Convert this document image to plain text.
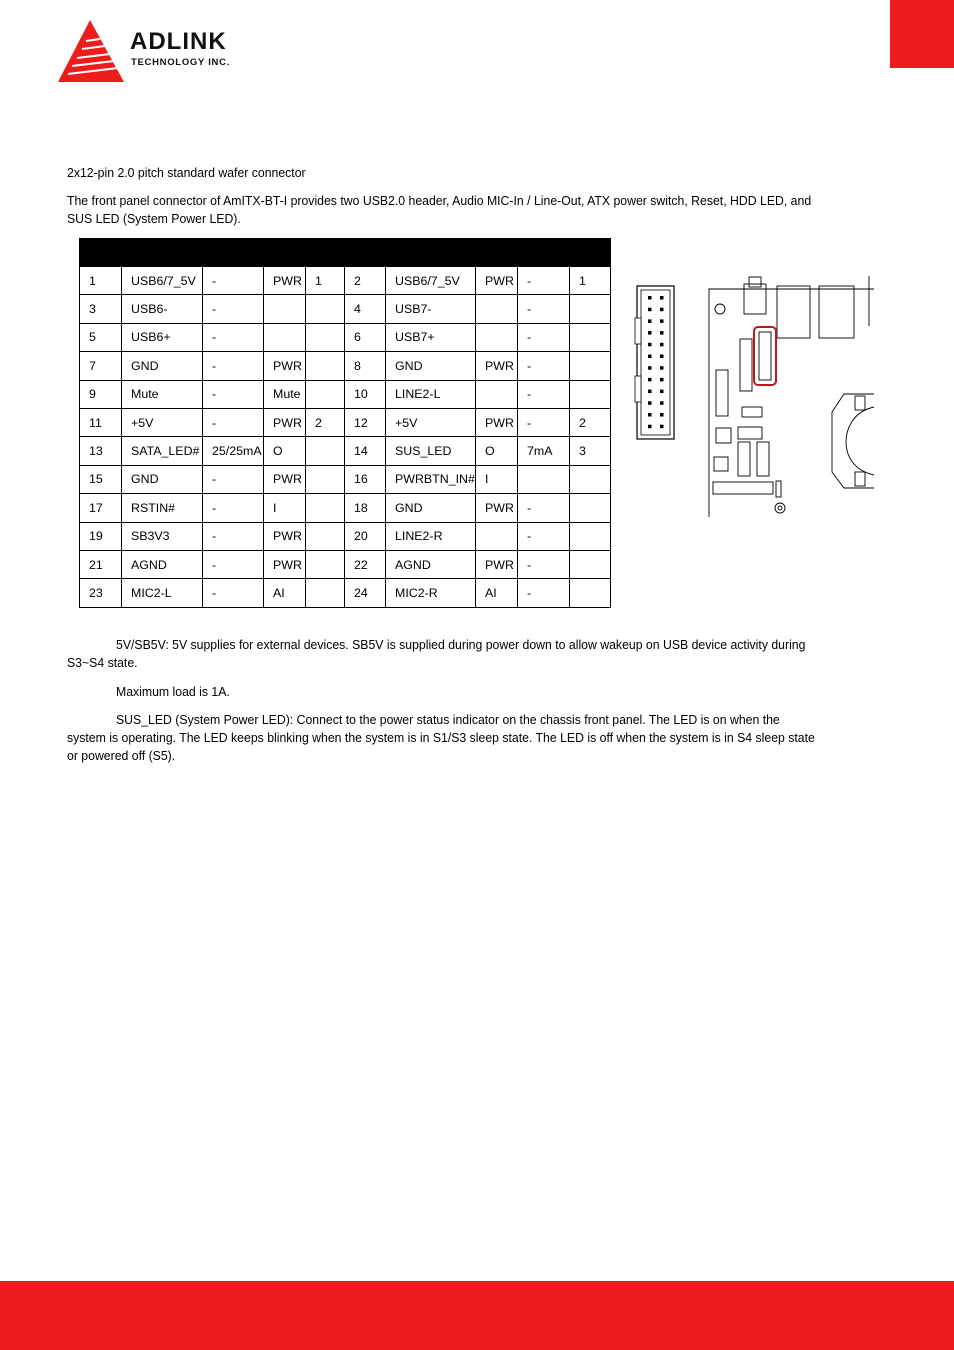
ADLINK
TECHNOLOGY INC.
2x12-pin 2.0 pitch standard wafer connector
The front panel connector of AmITX-BT-I provides two USB2.0 header, Audio MIC-In / Line-Out, ATX power switch, Reset, HDD LED, and
SUS LED (System Power LED).

1	USB6/7_5V	-	PWR	1	2	USB6/7_5V	PWR	-	1
3	USB6-	-			4	USB7-		-	
5	USB6+	-			6	USB7+		-	
7	GND	-	PWR		8	GND	PWR	-	
9	Mute	-	Mute		10	LINE2-L		-	
11	+5V	-	PWR	2	12	+5V	PWR	-	2
13	SATA_LED#	25/25mA	O		14	SUS_LED	O	7mA	3
15	GND	-	PWR		16	PWRBTN_IN#	I		
17	RSTIN#	-	I		18	GND	PWR	-	
19	SB3V3	-	PWR		20	LINE2-R		-	
21	AGND	-	PWR		22	AGND	PWR	-	
23	MIC2-L	-	AI		24	MIC2-R	AI	-	
5V/SB5V: 5V supplies for external devices. SB5V is supplied during power down to allow wakeup on USB device activity during
S3~S4 state.
Maximum load is 1A.
SUS_LED (System Power LED): Connect to the power status indicator on the chassis front panel. The LED is on when the
system is operating. The LED keeps blinking when the system is in S1/S3 sleep state. The LED is off when the system is in S4 sleep state
or powered off (S5).
